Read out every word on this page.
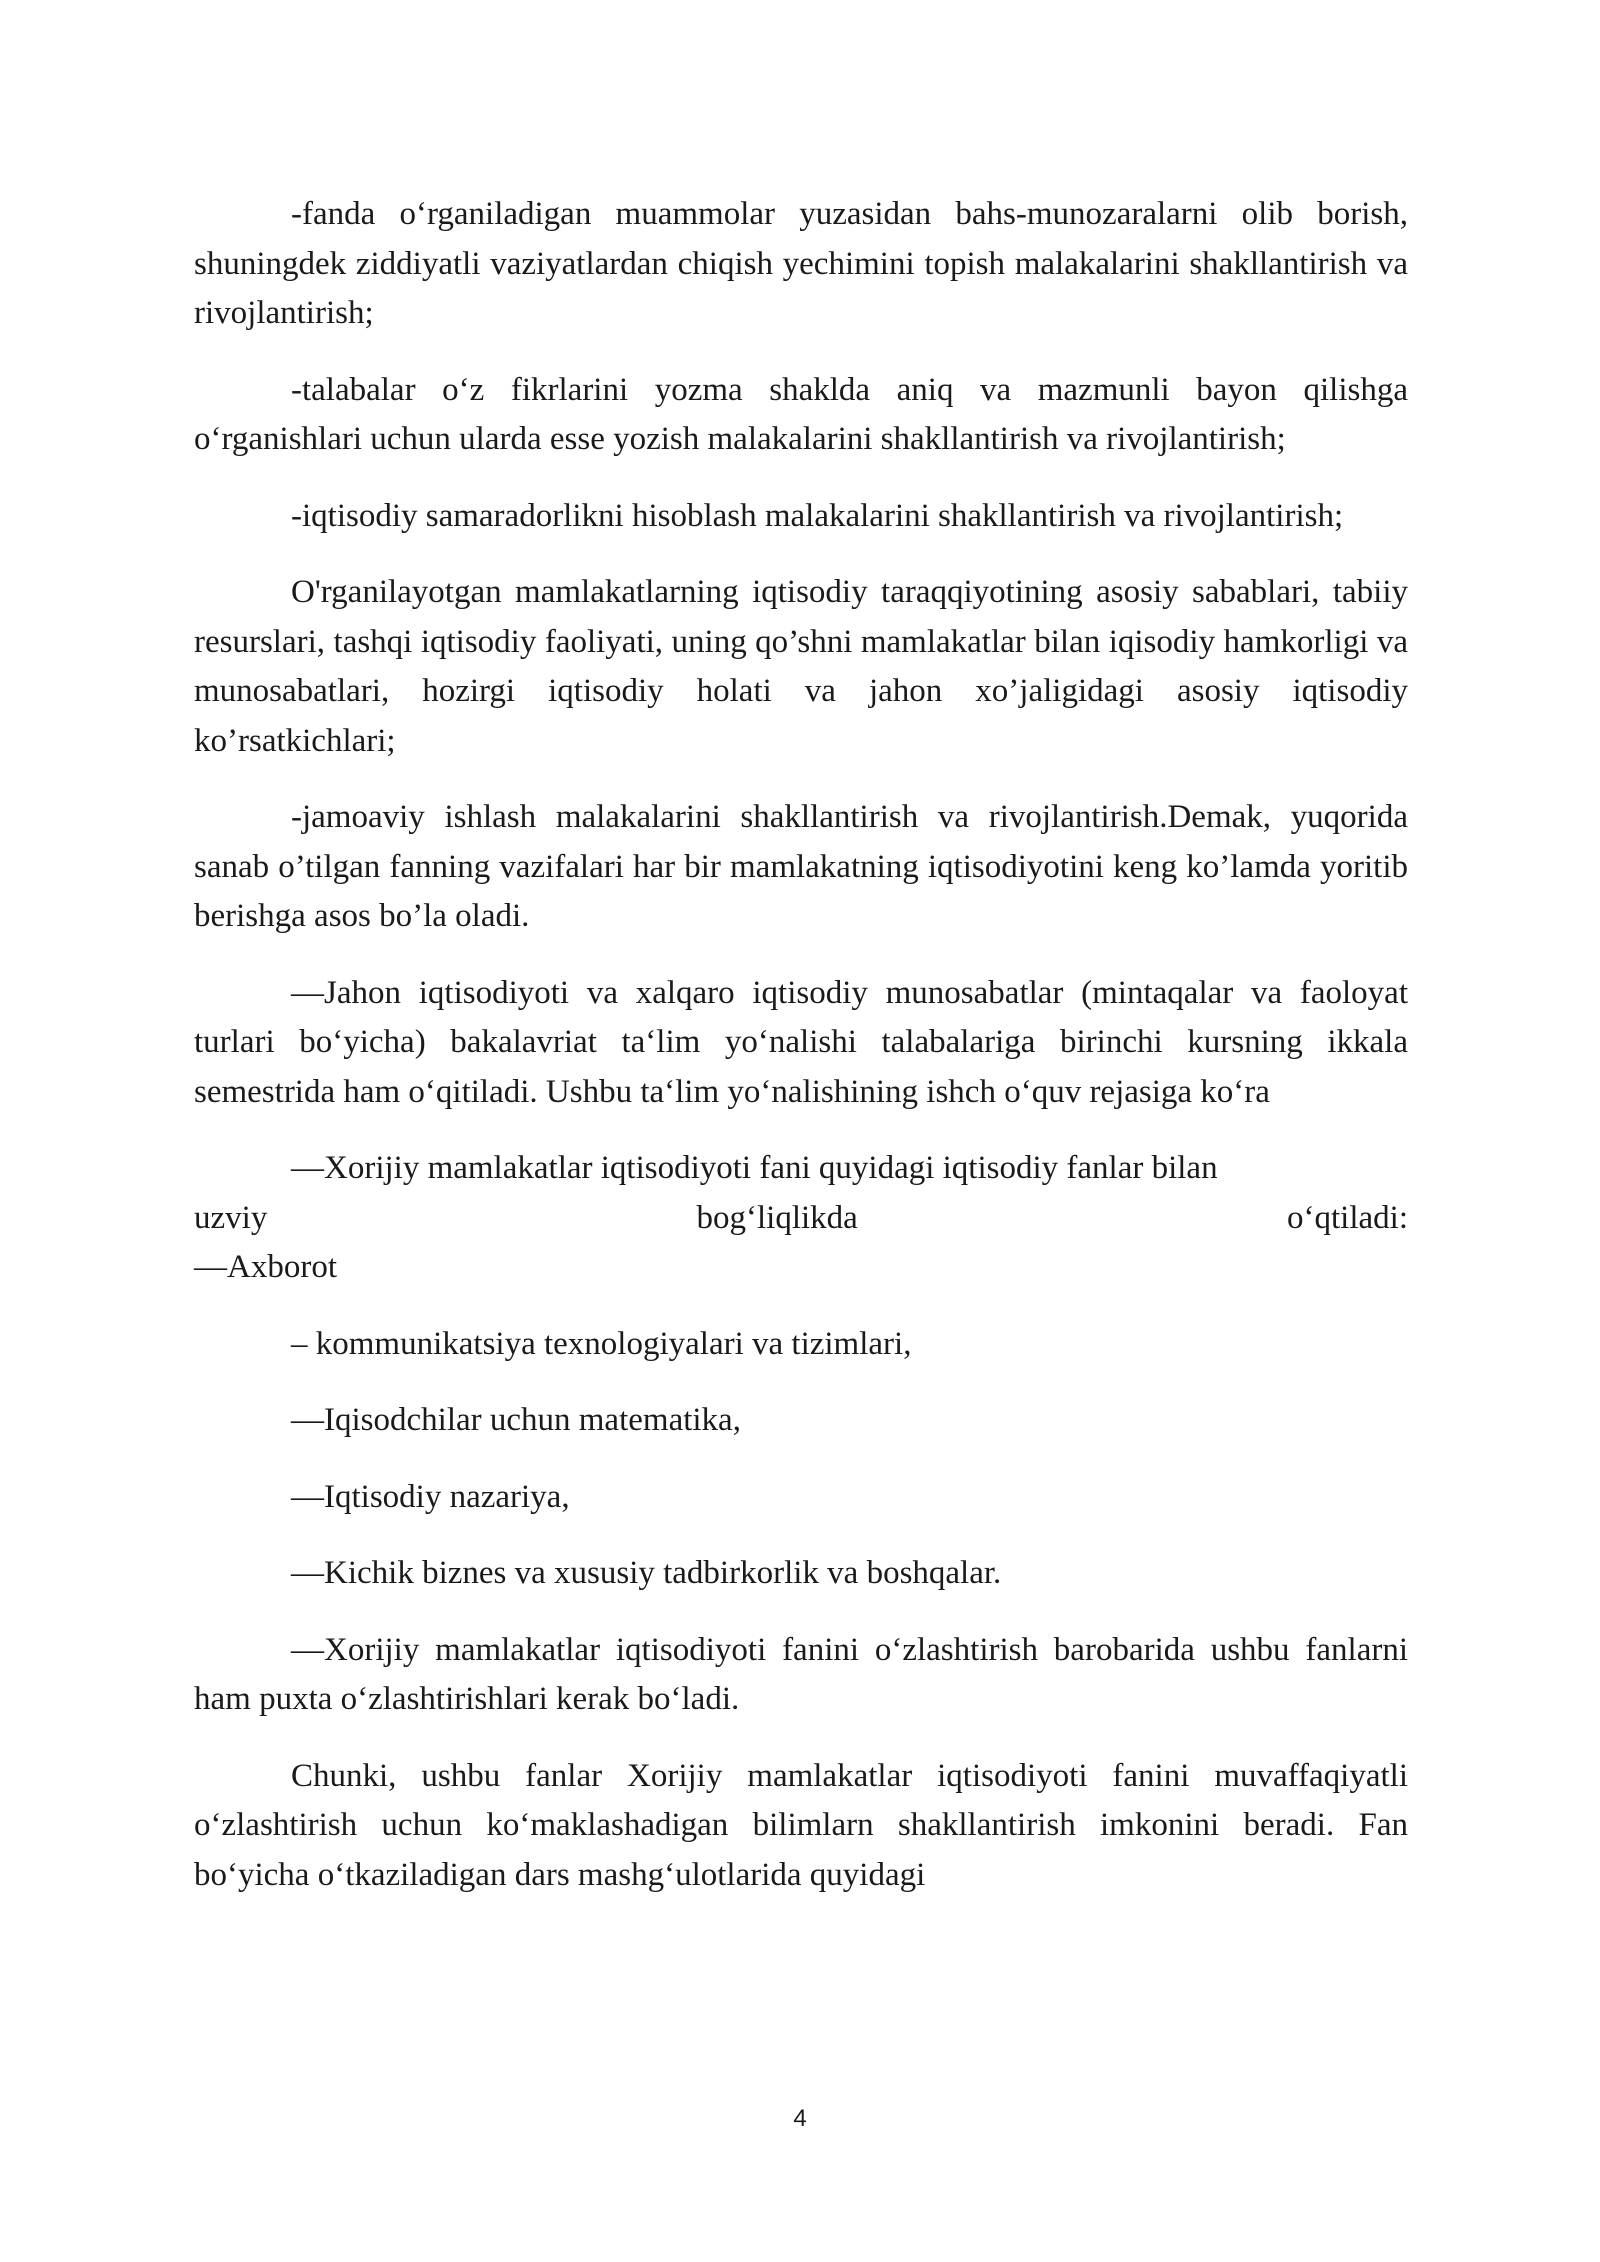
-fanda o‘rganiladigan muammolar yuzasidan bahs-munozaralarni olib borish, shuningdek ziddiyatli vaziyatlardan chiqish yechimini topish malakalarini shakllantirish va rivojlantirish;

-talabalar o‘z fikrlarini yozma shaklda aniq va mazmunli bayon qilishga o‘rganishlari uchun ularda esse yozish malakalarini shakllantirish va rivojlantirish;

-iqtisodiy samaradorlikni hisoblash malakalarini shakllantirish va rivojlantirish;

O'rganilayotgan mamlakatlarning iqtisodiy taraqqiyotining asosiy sabablari, tabiiy resurslari, tashqi iqtisodiy faoliyati, uning qo’shni mamlakatlar bilan iqisodiy hamkorligi va munosabatlari, hozirgi iqtisodiy holati va jahon xo’jaligidagi asosiy iqtisodiy ko’rsatkichlari;

-jamoaviy ishlash malakalarini shakllantirish va rivojlantirish.Demak, yuqorida sanab o’tilgan fanning vazifalari har bir mamlakatning iqtisodiyotini keng ko’lamda yoritib berishga asos bo’la oladi.

—Jahon iqtisodiyoti va xalqaro iqtisodiy munosabatlar (mintaqalar va faoloyat turlari bo‘yicha) bakalavriat ta‘lim yo‘nalishi talabalariga birinchi kursning ikkala semestrida ham o‘qitiladi. Ushbu ta‘lim yo‘nalishining ishch o‘quv rejasiga ko‘ra

—Xorijiy mamlakatlar iqtisodiyoti fani quyidagi iqtisodiy fanlar bilan
uzviy	bog‘liqlikda	o‘qtiladi:
—Axborot

– kommunikatsiya texnologiyalari va tizimlari,

—Iqisodchilar uchun matematika,

—Iqtisodiy nazariya,

—Kichik biznes va xususiy tadbirkorlik va boshqalar.

—Xorijiy mamlakatlar iqtisodiyoti fanini o‘zlashtirish barobarida ushbu fanlarni ham puxta o‘zlashtirishlari kerak bo‘ladi.

Chunki, ushbu fanlar Xorijiy mamlakatlar iqtisodiyoti fanini muvaffaqiyatli o‘zlashtirish uchun ko‘maklashadigan bilimlarn shakllantirish imkonini beradi. Fan bo‘yicha o‘tkaziladigan dars mashg‘ulotlarida quyidagi

4
